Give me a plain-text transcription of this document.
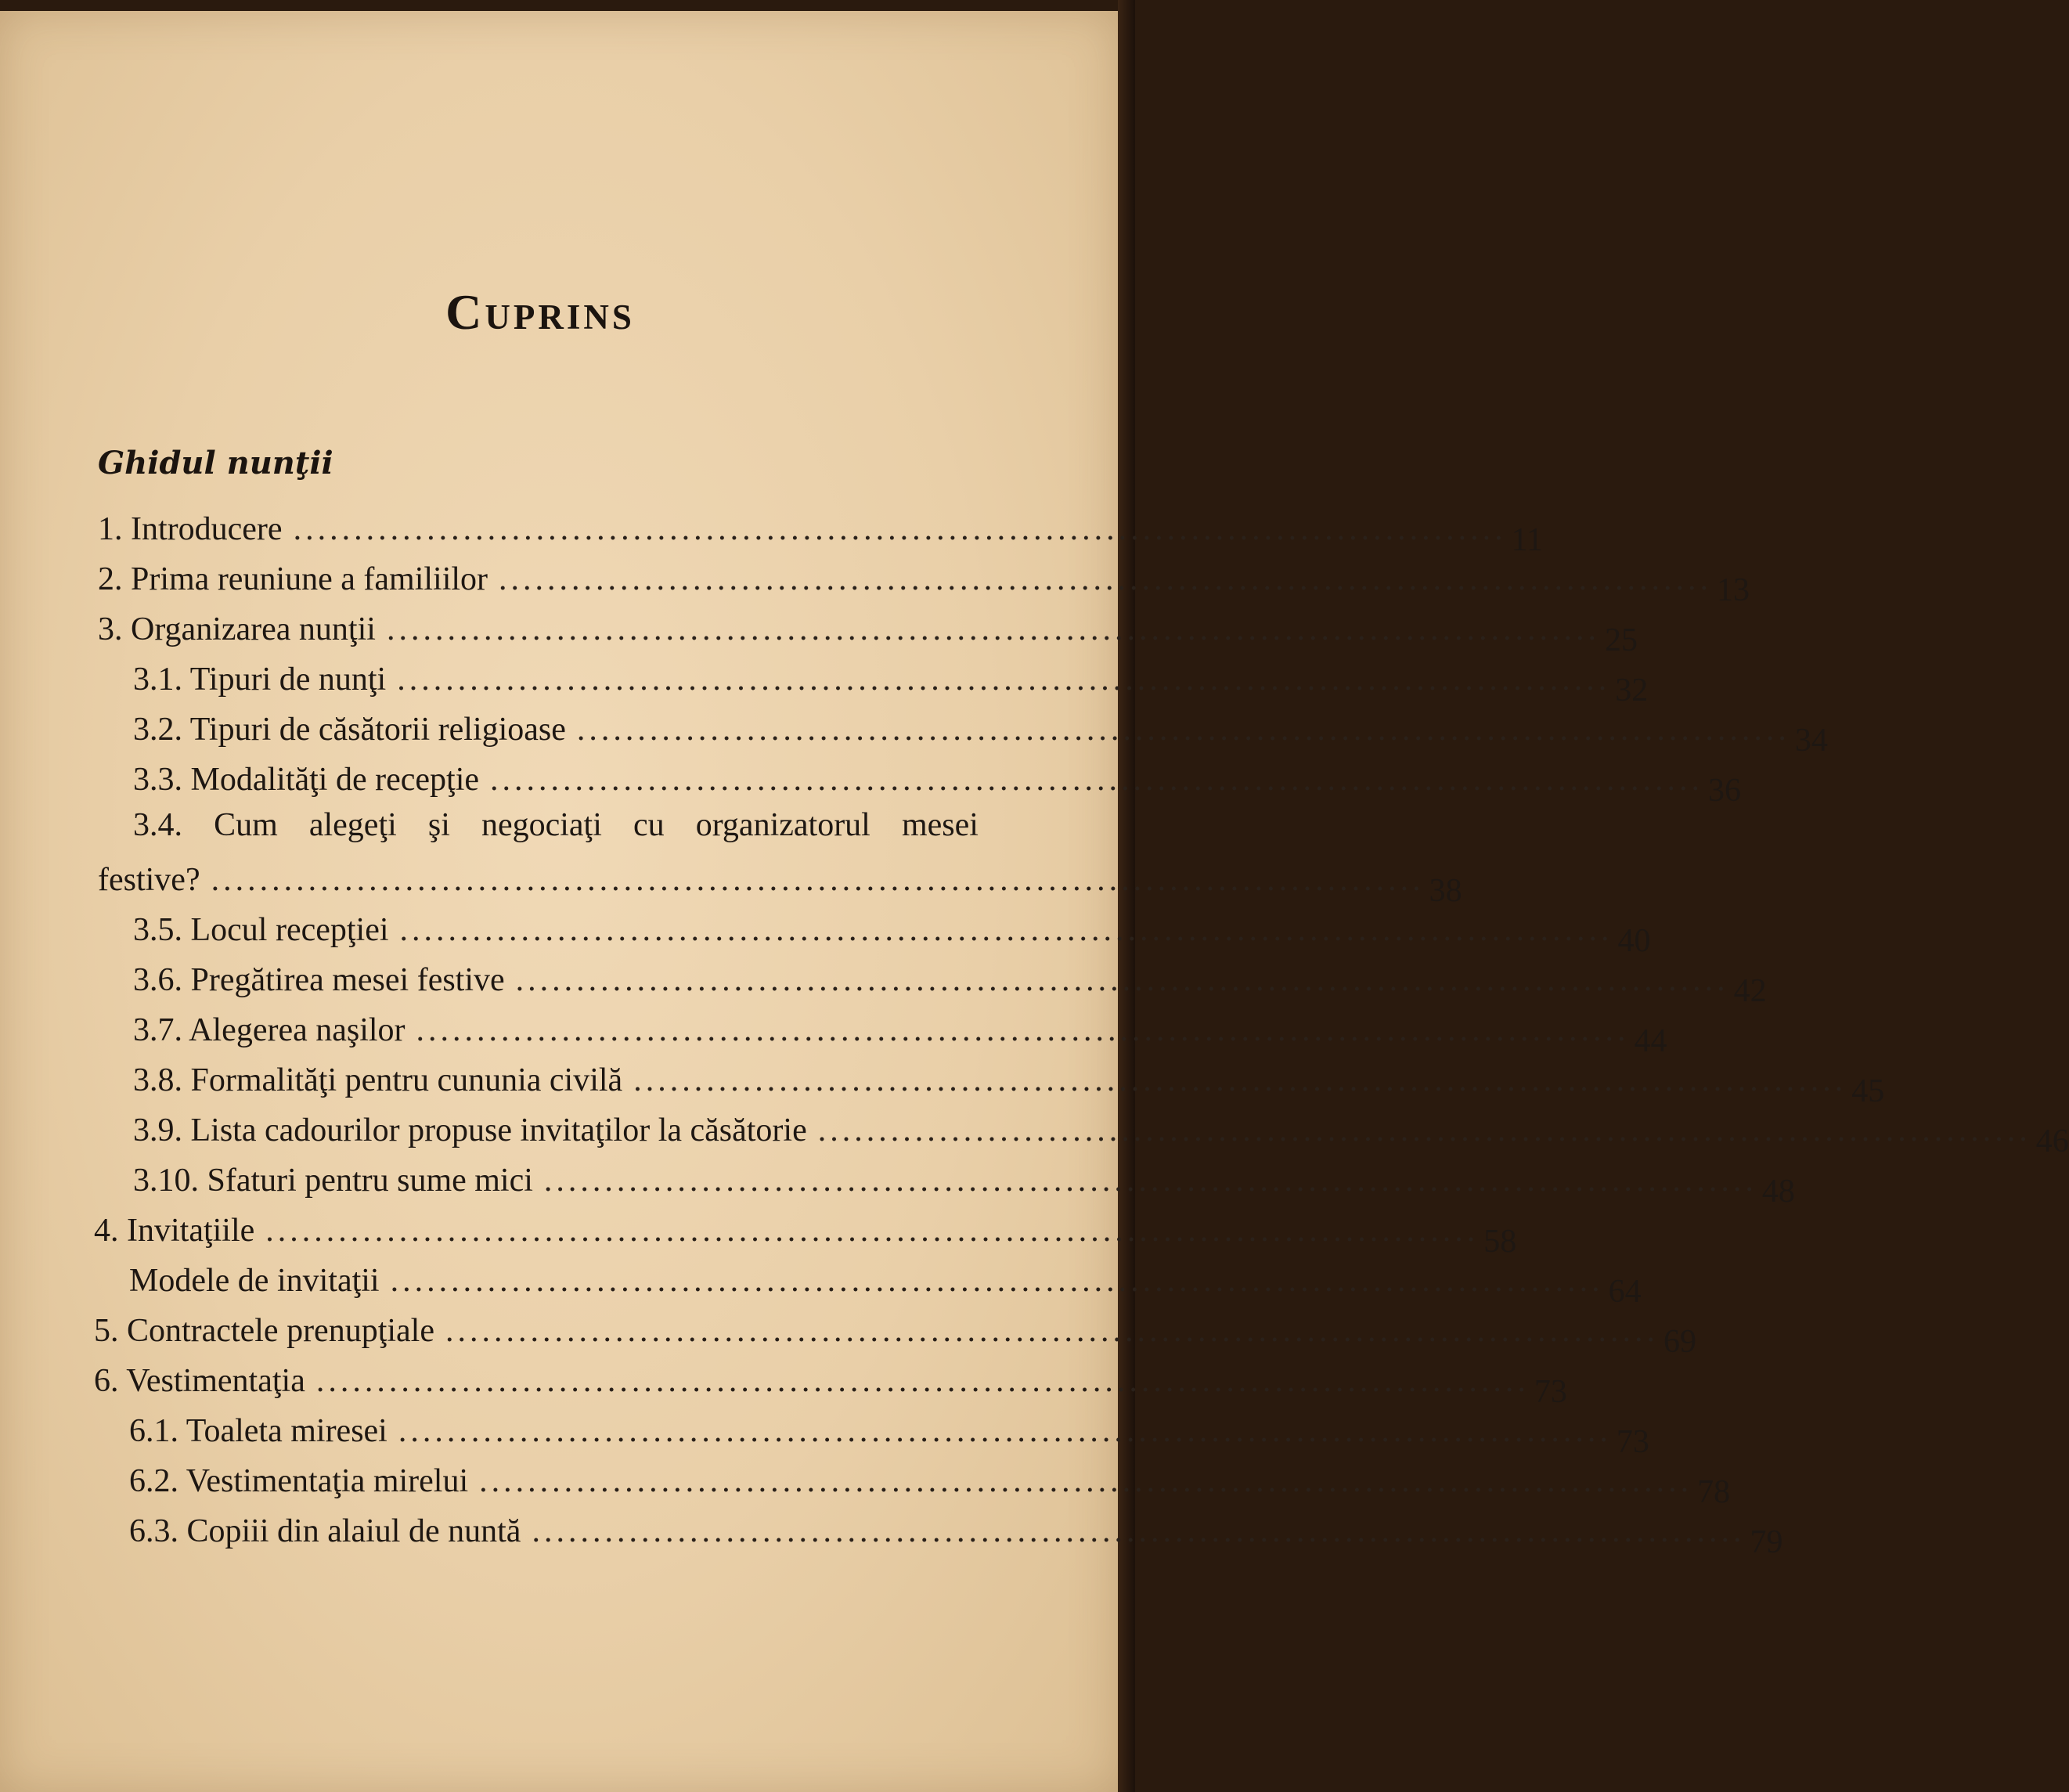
Cuprins
Ghidul nunţii
1. Introducere .................................................................................................... 11
2. Prima reuniune a familiilor .................................................................................................... 13
3. Organizarea nunţii .................................................................................................... 25
3.1. Tipuri de nunţi .................................................................................................... 32
3.2. Tipuri de căsătorii religioase .................................................................................................... 34
3.3. Modalităţi de recepţie .................................................................................................... 36
3.4. Cum alegeţi şi negociaţi cu organizatorul mesei
festive? .................................................................................................... 38
3.5. Locul recepţiei .................................................................................................... 40
3.6. Pregătirea mesei festive .................................................................................................... 42
3.7. Alegerea naşilor .................................................................................................... 44
3.8. Formalităţi pentru cununia civilă .................................................................................................... 45
3.9. Lista cadourilor propuse invitaţilor la căsătorie .................................................................................................... 46
3.10. Sfaturi pentru sume mici .................................................................................................... 48
4. Invitaţiile .................................................................................................... 58
Modele de invitaţii .................................................................................................... 64
5. Contractele prenupţiale .................................................................................................... 69
6. Vestimentaţia .................................................................................................... 73
6.1. Toaleta miresei .................................................................................................... 73
6.2. Vestimentaţia mirelui .................................................................................................... 78
6.3. Copiii din alaiul de nuntă .................................................................................................... 79
